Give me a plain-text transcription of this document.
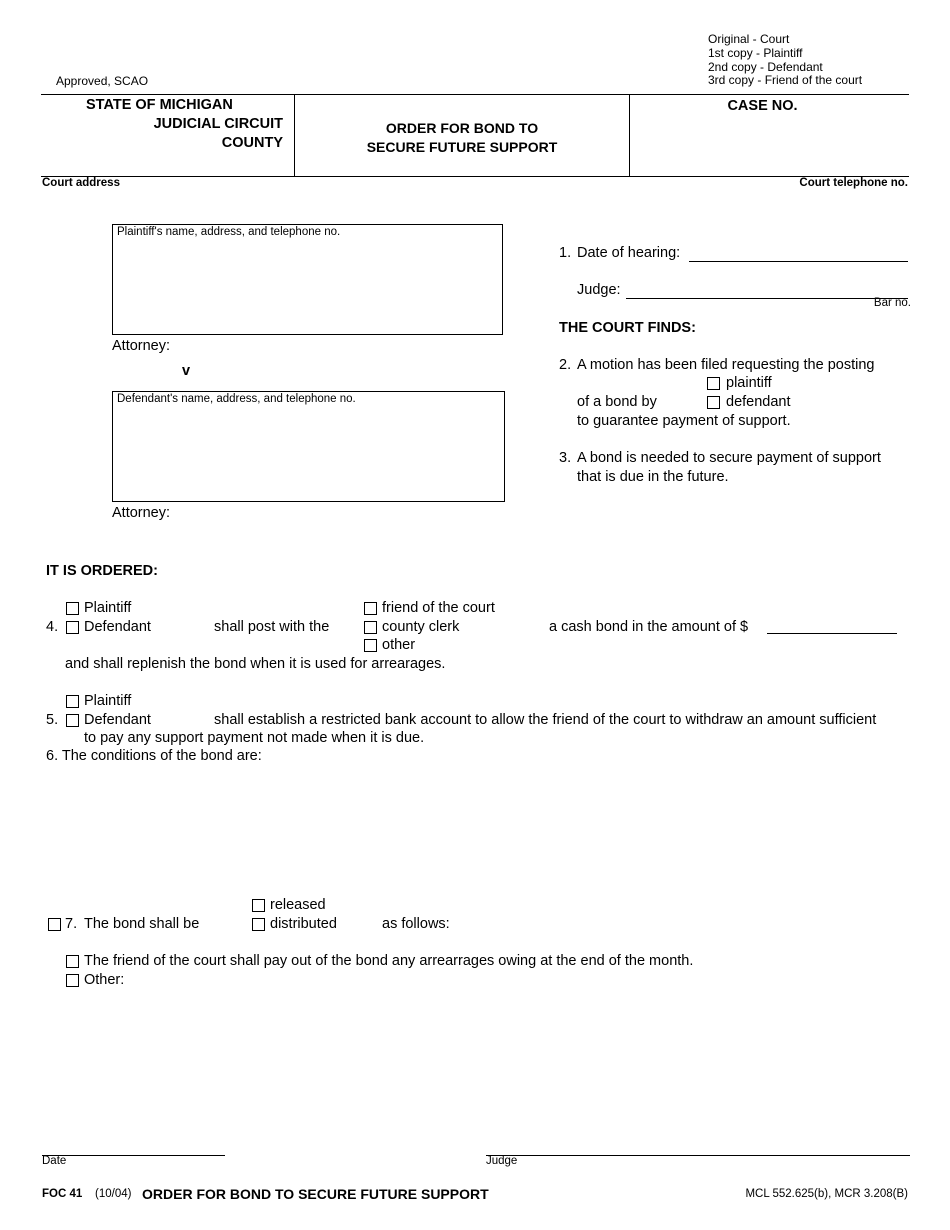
Original - Court
1st copy - Plaintiff
2nd copy - Defendant
3rd copy - Friend of the court
Approved, SCAO
STATE OF MICHIGAN
JUDICIAL CIRCUIT
COUNTY
ORDER FOR BOND TO
SECURE FUTURE SUPPORT
CASE NO.
Court address	Court telephone no.
Plaintiff's name, address, and telephone no.
Attorney:
v
Defendant's name, address, and telephone no.
Attorney:
1. Date of hearing:
Judge:
Bar no.
THE COURT FINDS:
2. A motion has been filed requesting the posting
plaintiff
of a bond by	defendant
to guarantee payment of support.
3. A bond is needed to secure payment of support
that is due in the future.
IT IS ORDERED:
Plaintiff
4. Defendant	shall post with the
friend of the court
county clerk
other
a cash bond in the amount of $
and shall replenish the bond when it is used for arrearages.
Plaintiff
5. Defendant	shall establish a restricted bank account to allow the friend of the court to withdraw an amount sufficient
to pay any support payment not made when it is due.
6. The conditions of the bond are:
released
7. The bond shall be	distributed	as follows:
The friend of the court shall pay out of the bond any arrearrages owing at the end of the month.
Other:
Date	Judge
FOC 41 (10/04) ORDER FOR BOND TO SECURE FUTURE SUPPORT	MCL 552.625(b), MCR 3.208(B)
